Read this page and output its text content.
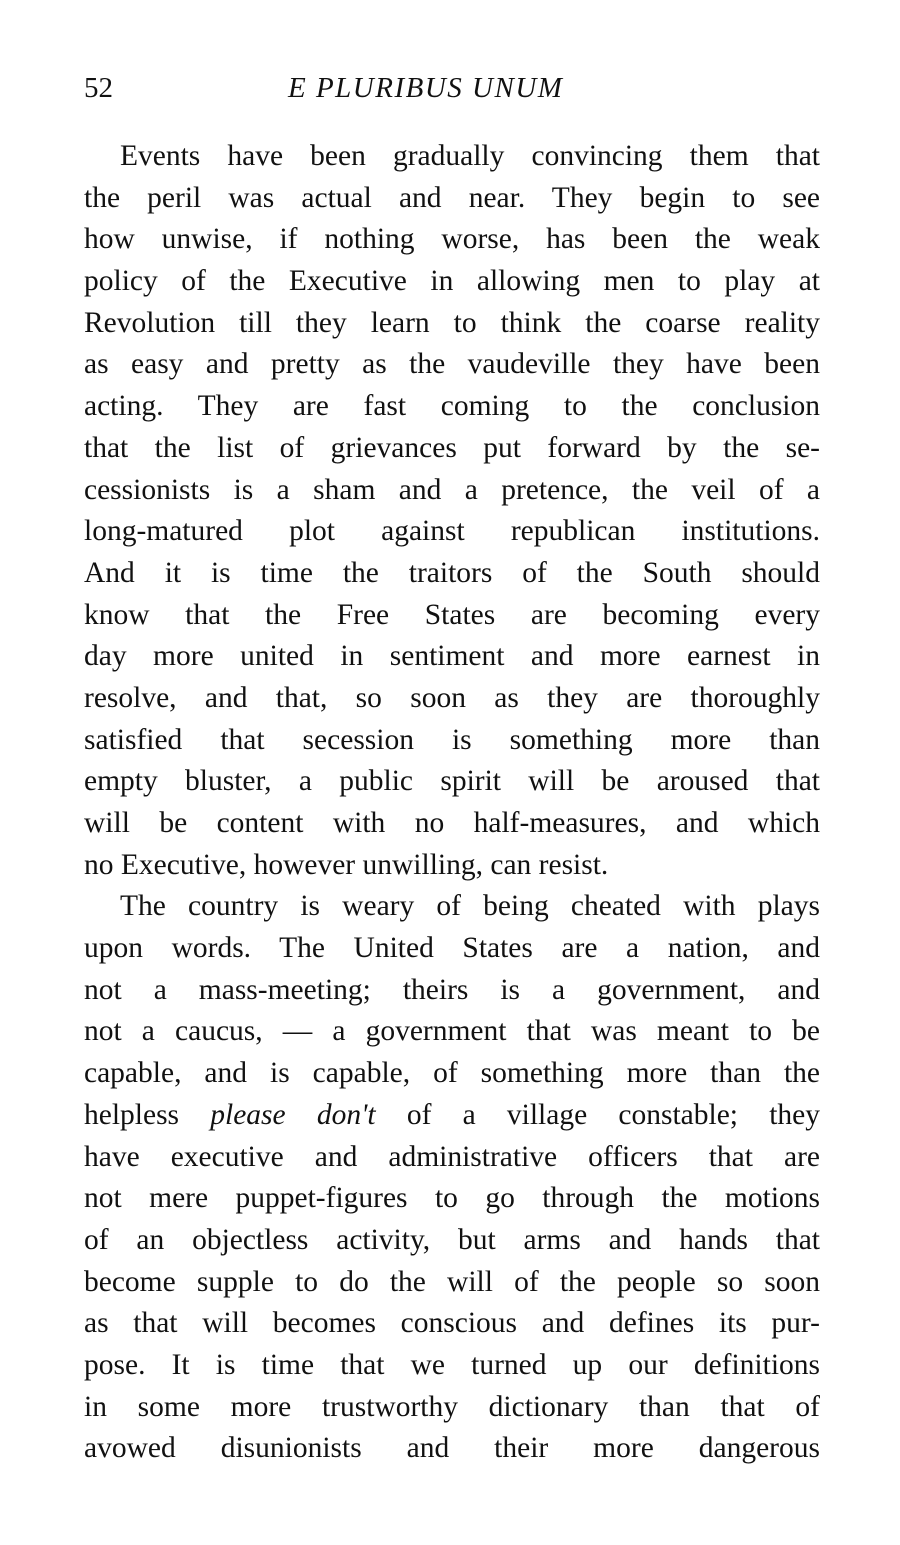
52	E PLURIBUS UNUM
Events have been gradually convincing them that
the peril was actual and near. They begin to see
how unwise, if nothing worse, has been the weak
policy of the Executive in allowing men to play at
Revolution till they learn to think the coarse reality
as easy and pretty as the vaudeville they have been
acting. They are fast coming to the conclusion
that the list of grievances put forward by the se-
cessionists is a sham and a pretence, the veil of a
long-matured plot against republican institutions.
And it is time the traitors of the South should
know that the Free States are becoming every
day more united in sentiment and more earnest in
resolve, and that, so soon as they are thoroughly
satisfied that secession is something more than
empty bluster, a public spirit will be aroused that
will be content with no half-measures, and which
no Executive, however unwilling, can resist.
The country is weary of being cheated with plays
upon words. The United States are a nation, and
not a mass-meeting; theirs is a government, and
not a caucus, — a government that was meant to be
capable, and is capable, of something more than the
helpless please don't of a village constable; they
have executive and administrative officers that are
not mere puppet-figures to go through the motions
of an objectless activity, but arms and hands that
become supple to do the will of the people so soon
as that will becomes conscious and defines its pur-
pose. It is time that we turned up our definitions
in some more trustworthy dictionary than that of
avowed disunionists and their more dangerous
